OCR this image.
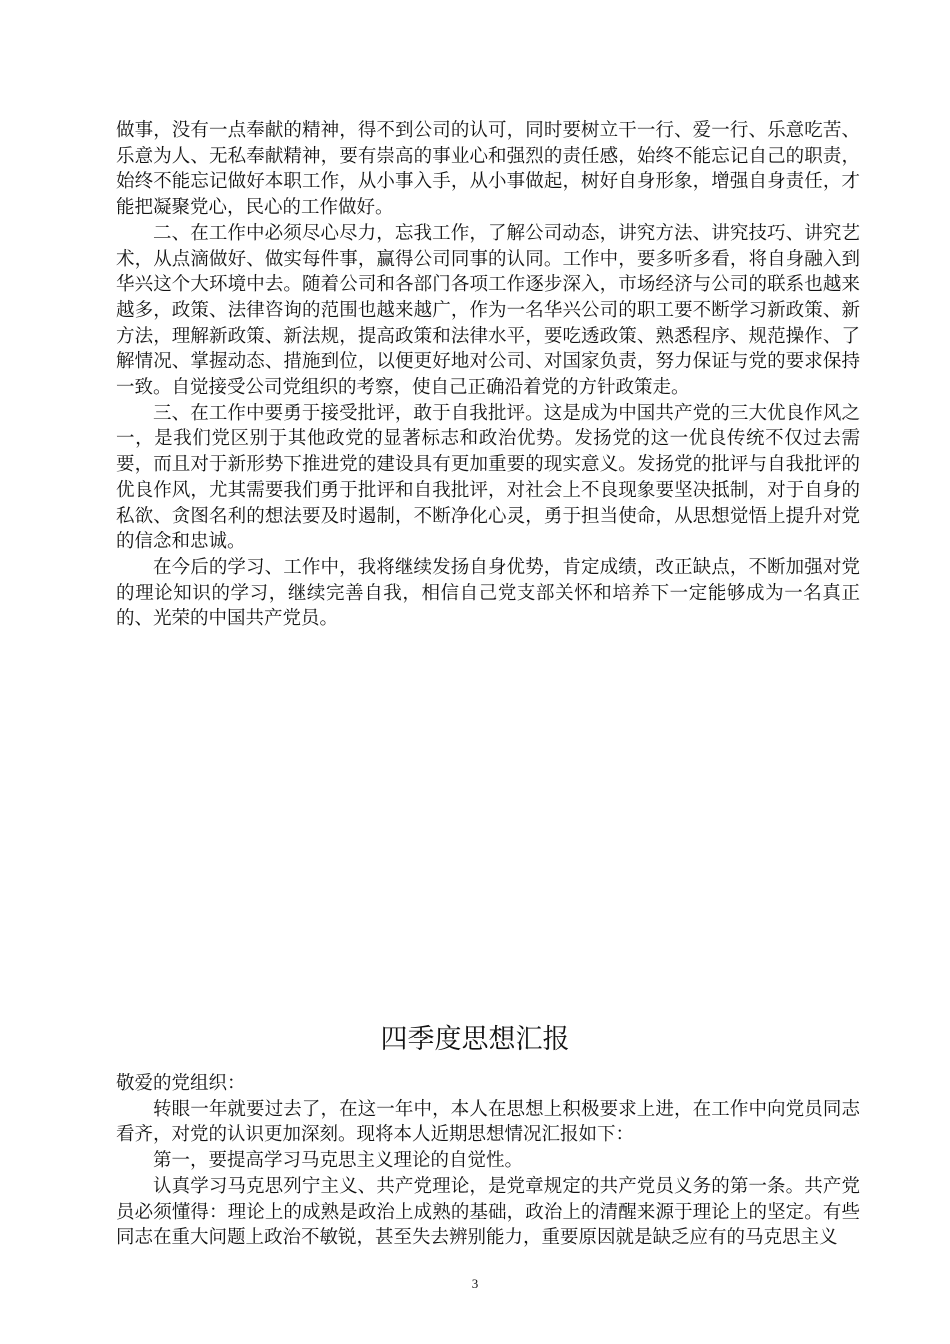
做事，没有一点奉献的精神，得不到公司的认可，同时要树立干一行、爱一行、乐意吃苦、乐意为人、无私奉献精神，要有崇高的事业心和强烈的责任感，始终不能忘记自己的职责，始终不能忘记做好本职工作，从小事入手，从小事做起，树好自身形象，增强自身责任，才能把凝聚党心，民心的工作做好。

二、在工作中必须尽心尽力，忘我工作，了解公司动态，讲究方法、讲究技巧、讲究艺术，从点滴做好、做实每件事，赢得公司同事的认同。工作中，要多听多看，将自身融入到华兴这个大环境中去。随着公司和各部门各项工作逐步深入，市场经济与公司的联系也越来越多，政策、法律咨询的范围也越来越广，作为一名华兴公司的职工要不断学习新政策、新方法，理解新政策、新法规，提高政策和法律水平，要吃透政策、熟悉程序、规范操作、了解情况、掌握动态、措施到位，以便更好地对公司、对国家负责，努力保证与党的要求保持一致。自觉接受公司党组织的考察，使自己正确沿着党的方针政策走。

三、在工作中要勇于接受批评，敢于自我批评。这是成为中国共产党的三大优良作风之一，是我们党区别于其他政党的显著标志和政治优势。发扬党的这一优良传统不仅过去需要，而且对于新形势下推进党的建设具有更加重要的现实意义。发扬党的批评与自我批评的优良作风，尤其需要我们勇于批评和自我批评，对社会上不良现象要坚决抵制，对于自身的私欲、贪图名利的想法要及时遏制，不断净化心灵，勇于担当使命，从思想觉悟上提升对党的信念和忠诚。

在今后的学习、工作中，我将继续发扬自身优势，肯定成绩，改正缺点，不断加强对党的理论知识的学习，继续完善自我，相信自己党支部关怀和培养下一定能够成为一名真正的、光荣的中国共产党员。

四季度思想汇报

敬爱的党组织：

转眼一年就要过去了，在这一年中，本人在思想上积极要求上进，在工作中向党员同志看齐，对党的认识更加深刻。现将本人近期思想情况汇报如下：

第一，要提高学习马克思主义理论的自觉性。

认真学习马克思列宁主义、共产党理论，是党章规定的共产党员义务的第一条。共产党员必须懂得：理论上的成熟是政治上成熟的基础，政治上的清醒来源于理论上的坚定。有些同志在重大问题上政治不敏锐，甚至失去辨别能力，重要原因就是缺乏应有的马克思主义

3
